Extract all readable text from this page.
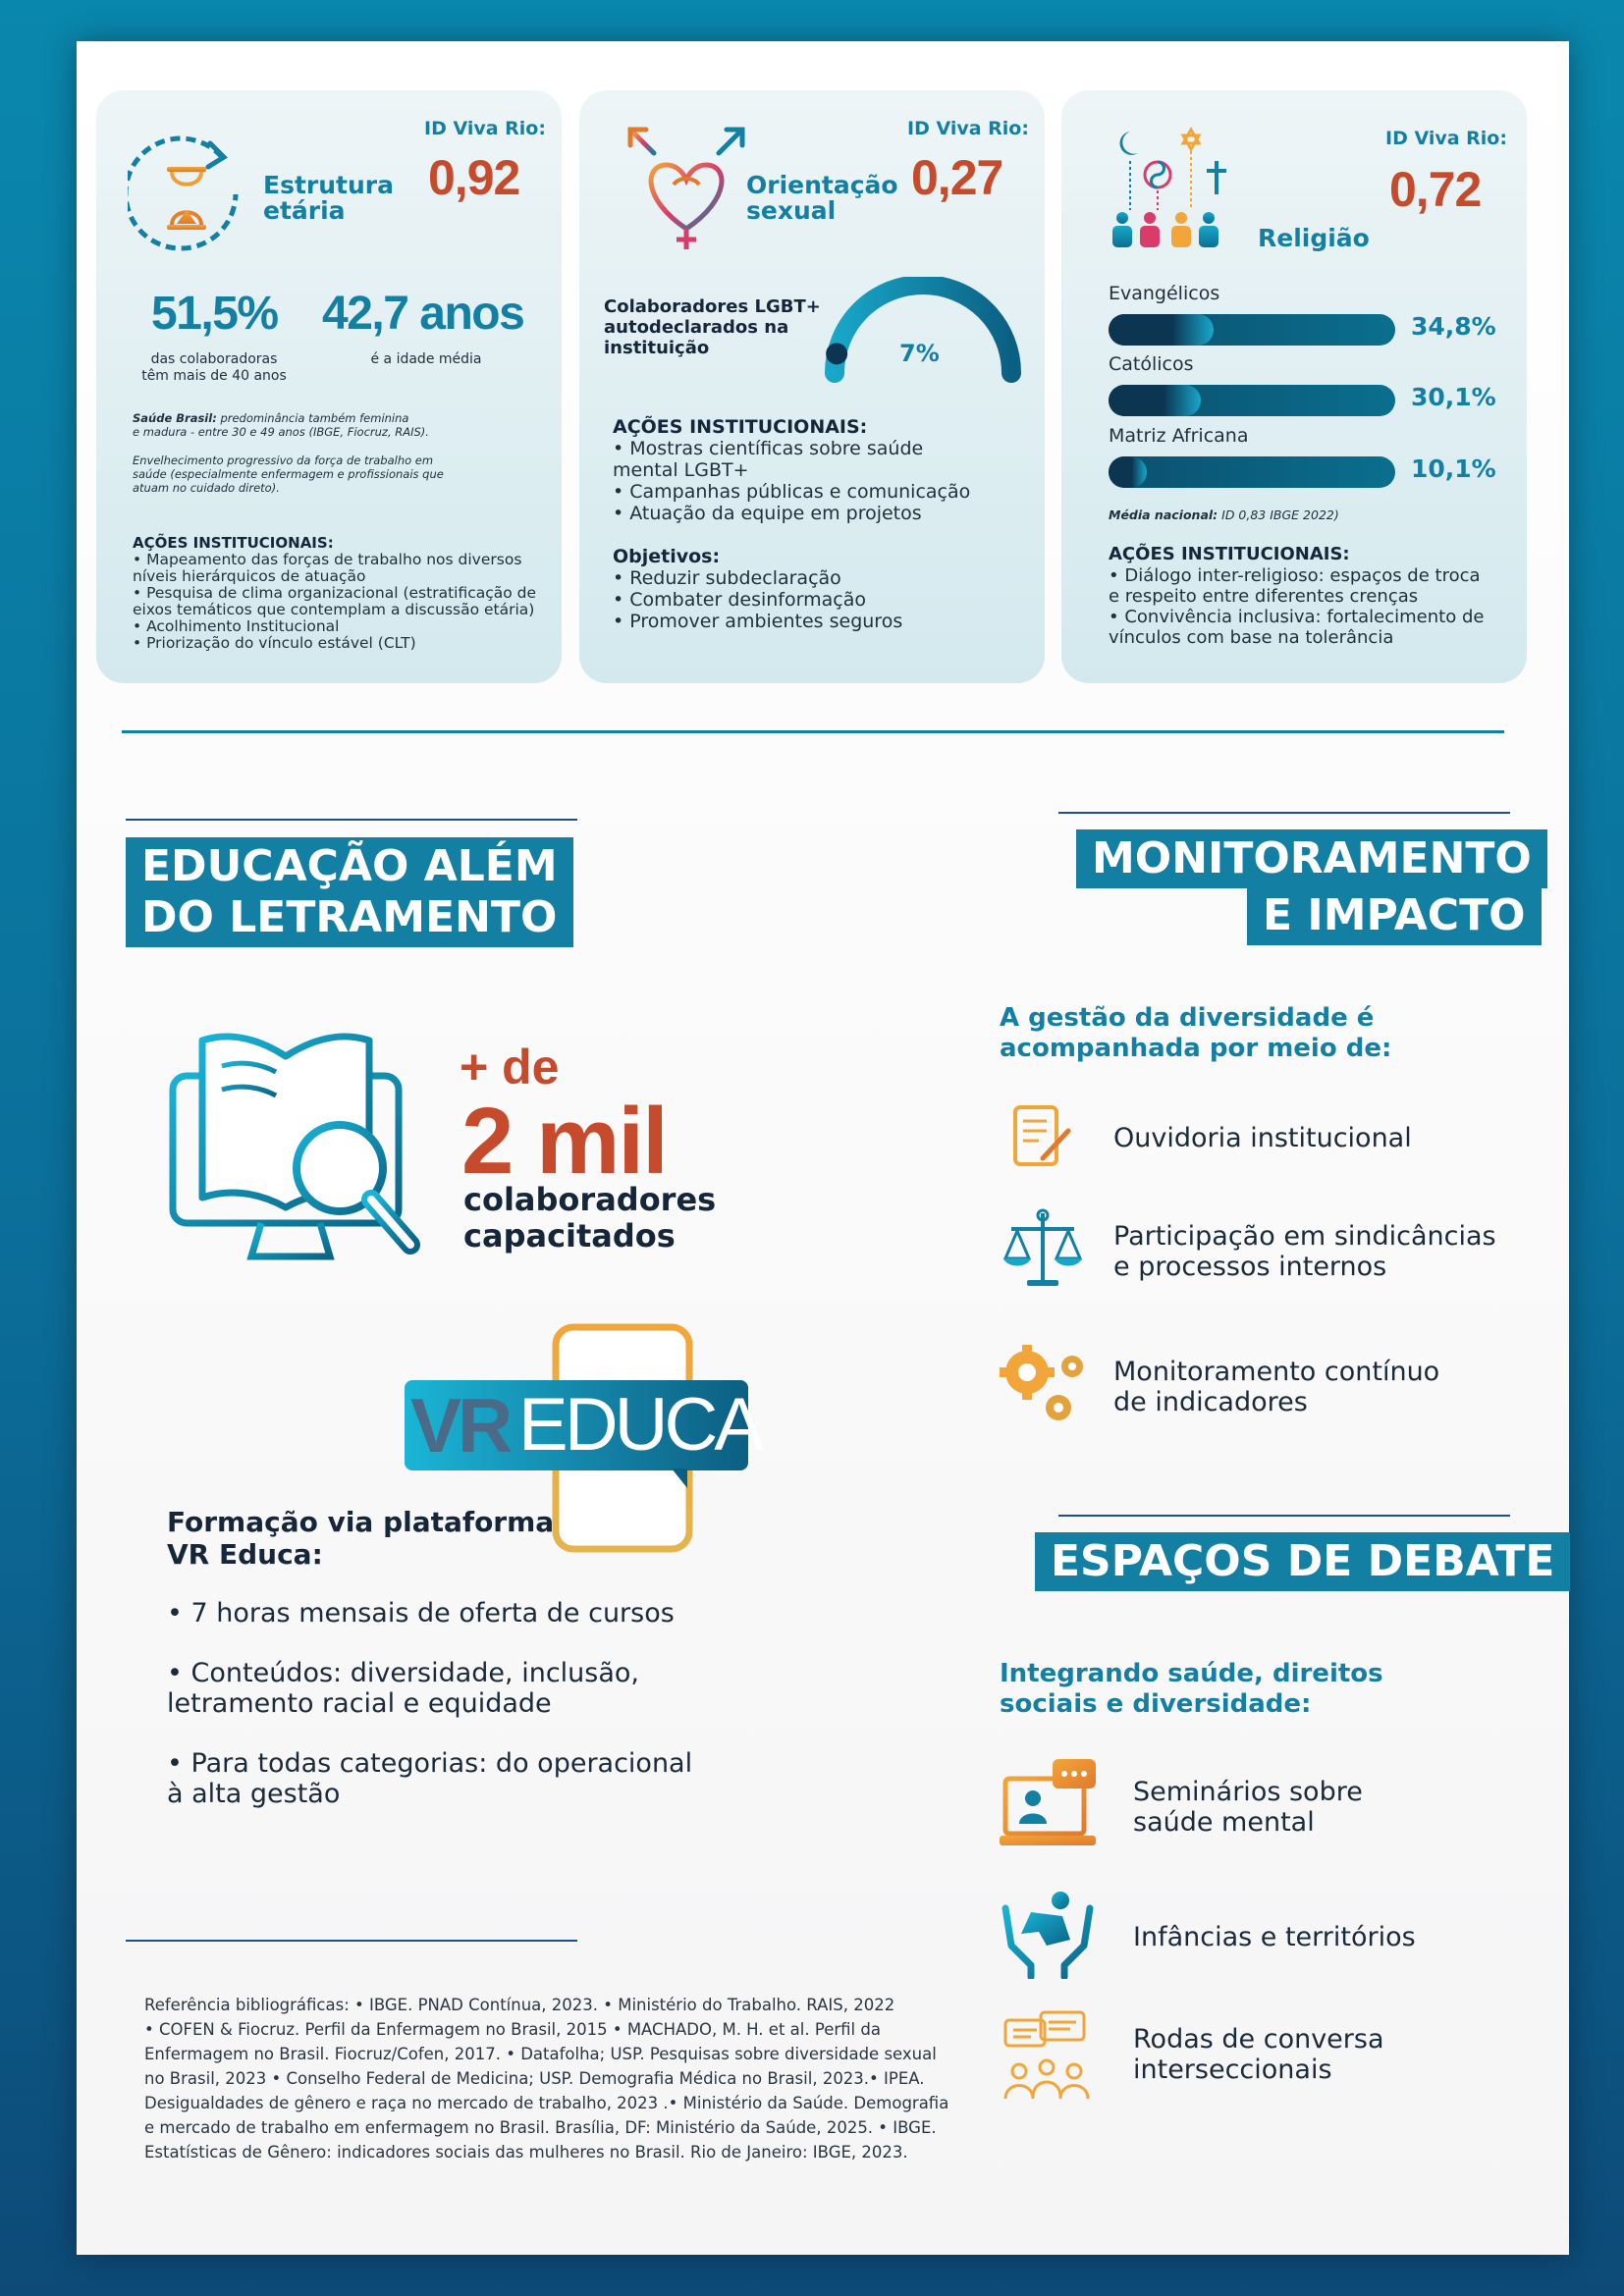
Estrutura
etária
ID Viva Rio:
0,92
51,5%
das colaboradoras
têm mais de 40 anos
42,7 anos
é a idade média
Saúde Brasil: predominância também feminina
e madura - entre 30 e 49 anos (IBGE, Fiocruz, RAIS).
Envelhecimento progressivo da força de trabalho em
saúde (especialmente enfermagem e profissionais que
atuam no cuidado direto).
AÇÕES INSTITUCIONAIS:
• Mapeamento das forças de trabalho nos diversos
níveis hierárquicos de atuação
• Pesquisa de clima organizacional (estratificação de
eixos temáticos que contemplam a discussão etária)
• Acolhimento Institucional
• Priorização do vínculo estável (CLT)
Orientação
sexual
ID Viva Rio:
0,27
Colaboradores LGBT+
autodeclarados na
instituição	7%
AÇÕES INSTITUCIONAIS:
• Mostras científicas sobre saúde
mental LGBT+
• Campanhas públicas e comunicação
• Atuação da equipe em projetos
Objetivos:
• Reduzir subdeclaração
• Combater desinformação
• Promover ambientes seguros
Religião
ID Viva Rio:
0,72
Evangélicos
34,8%
Católicos
30,1%
Matriz Africana
10,1%
Média nacional: ID 0,83 IBGE 2022)
AÇÕES INSTITUCIONAIS:
• Diálogo inter-religioso: espaços de troca
e respeito entre diferentes crenças
• Convivência inclusiva: fortalecimento de
vínculos com base na tolerância
EDUCAÇÃO ALÉM
DO LETRAMENTO
+ de
2 mil
colaboradores
capacitados
VR EDUCA
Formação via plataforma
VR Educa:
• 7 horas mensais de oferta de cursos
• Conteúdos: diversidade, inclusão,
letramento racial e equidade
• Para todas categorias: do operacional
à alta gestão
MONITORAMENTO
E IMPACTO
A gestão da diversidade é
acompanhada por meio de:
Ouvidoria institucional
Participação em sindicâncias
e processos internos
Monitoramento contínuo
de indicadores
ESPAÇOS DE DEBATE
Integrando saúde, direitos
sociais e diversidade:
Seminários sobre
saúde mental
Infâncias e territórios
Rodas de conversa
interseccionais
Referência bibliográficas: • IBGE. PNAD Contínua, 2023. • Ministério do Trabalho. RAIS, 2022
• COFEN & Fiocruz. Perfil da Enfermagem no Brasil, 2015 • MACHADO, M. H. et al. Perfil da
Enfermagem no Brasil. Fiocruz/Cofen, 2017. • Datafolha; USP. Pesquisas sobre diversidade sexual
no Brasil, 2023 • Conselho Federal de Medicina; USP. Demografia Médica no Brasil, 2023.• IPEA.
Desigualdades de gênero e raça no mercado de trabalho, 2023 .• Ministério da Saúde. Demografia
e mercado de trabalho em enfermagem no Brasil. Brasília, DF: Ministério da Saúde, 2025. • IBGE.
Estatísticas de Gênero: indicadores sociais das mulheres no Brasil. Rio de Janeiro: IBGE, 2023.
